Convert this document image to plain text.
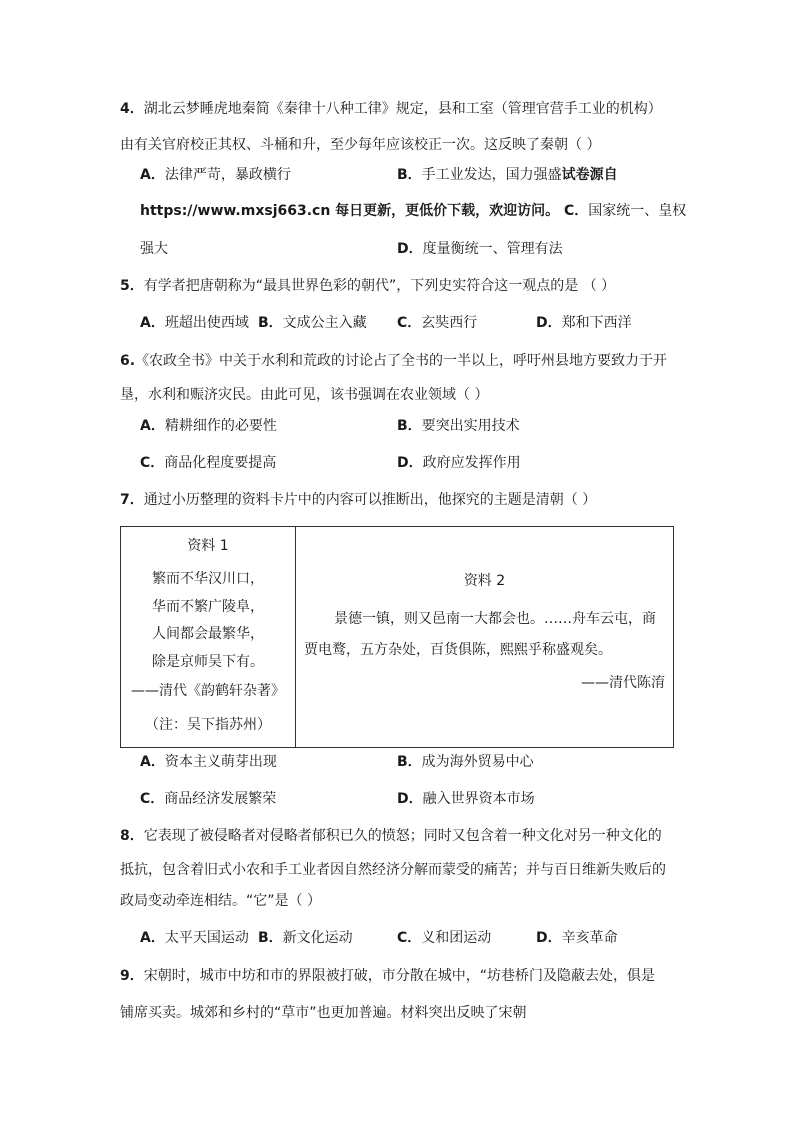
4．湖北云梦睡虎地秦简《秦律十八种工律》规定，县和工室（管理官营手工业的机构）
由有关官府校正其权、斗桶和升，至少每年应该校正一次。这反映了秦朝（ ）
A．法律严苛，暴政横行	B．手工业发达，国力强盛试卷源自
https://www.mxsj663.cn 每日更新，更低价下载，欢迎访问。 C．国家统一、皇权
强大	D．度量衡统一、管理有法
5．有学者把唐朝称为“最具世界色彩的朝代”，下列史实符合这一观点的是 （ ）
A．班超出使西域 B．文成公主入藏 C．玄奘西行	D．郑和下西洋
6.《农政全书》中关于水利和荒政的讨论占了全书的一半以上，呼吁州县地方要致力于开
垦，水利和赈济灾民。由此可见，该书强调在农业领域（ ）
A．精耕细作的必要性	B．要突出实用技术
C．商品化程度要提高	D．政府应发挥作用
7．通过小历整理的资料卡片中的内容可以推断出，他探究的主题是清朝（ ）
资料 1
繁而不华汉川口，
华而不繁广陵阜，
人间都会最繁华，
除是京师吴下有。
——清代《韵鹤轩杂著》
（注：吴下指苏州）

资料 2
景德一镇，则又邑南一大都会也。……舟车云屯，商
贾电鹜，五方杂处，百货俱陈，熙熙乎称盛观矣。
——清代陈淯
A．资本主义萌芽出现	B．成为海外贸易中心
C．商品经济发展繁荣	D．融入世界资本市场
8．它表现了被侵略者对侵略者郁积已久的愤怒；同时又包含着一种文化对另一种文化的
抵抗，包含着旧式小农和手工业者因自然经济分解而蒙受的痛苦；并与百日维新失败后的
政局变动牵连相结。“它”是（ ）
A．太平天国运动 B．新文化运动	C．义和团运动	D．辛亥革命
9．宋朝时，城市中坊和市的界限被打破，市分散在城中，“坊巷桥门及隐蔽去处，俱是
铺席买卖。城郊和乡村的“草市”也更加普遍。材料突出反映了宋朝
